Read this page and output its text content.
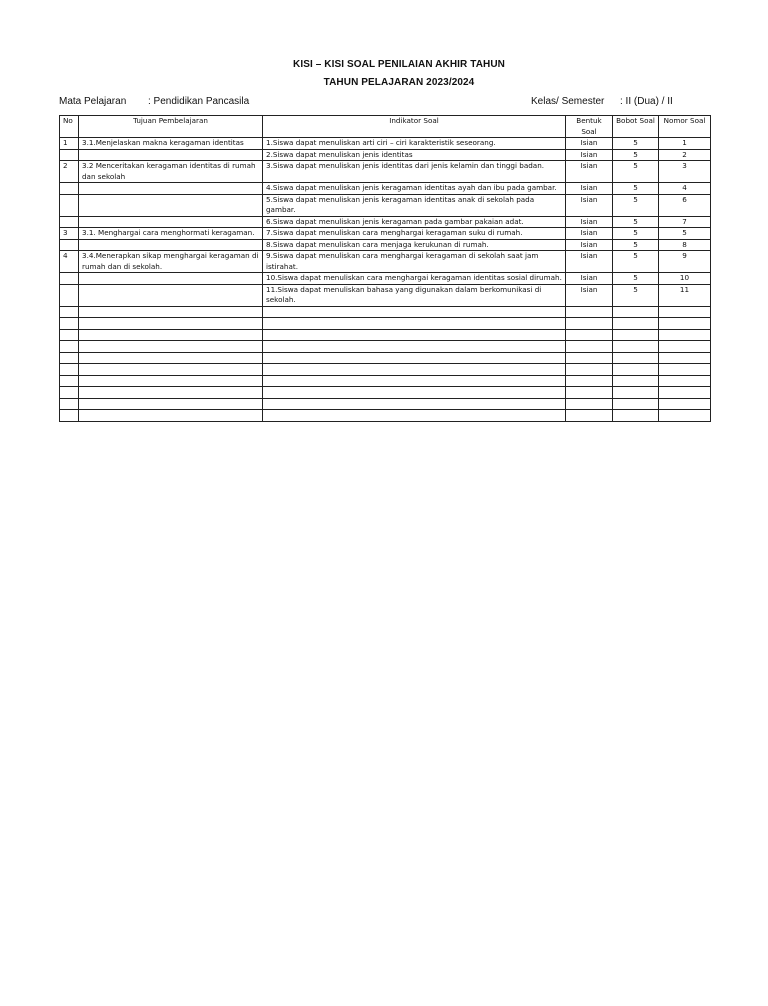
KISI – KISI SOAL PENILAIAN AKHIR TAHUN
TAHUN PELAJARAN 2023/2024
Mata Pelajaran : Pendidikan Pancasila	Kelas/ Semester : II (Dua) / II
No	Tujuan Pembelajaran	Indikator Soal	Bentuk Soal	Bobot Soal	Nomor Soal
1	3.1.Menjelaskan makna keragaman identitas	1.Siswa dapat menuliskan arti ciri – ciri karakteristik seseorang.	Isian	5	1
		2.Siswa dapat menuliskan jenis identitas	Isian	5	2
2	3.2 Menceritakan keragaman identitas di rumah dan sekolah	3.Siswa dapat menuliskan jenis identitas dari jenis kelamin dan tinggi badan.	Isian	5	3
		4.Siswa dapat menuliskan jenis keragaman identitas ayah dan ibu pada gambar.	Isian	5	4
		5.Siswa dapat menuliskan jenis keragaman identitas anak di sekolah pada gambar.	Isian	5	6
		6.Siswa dapat menuliskan jenis keragaman pada gambar pakaian adat.	Isian	5	7
3	3.1. Menghargai cara menghormati keragaman.	7.Siswa dapat menuliskan cara menghargai keragaman suku di rumah.	Isian	5	5
		8.Siswa dapat menuliskan cara menjaga kerukunan di rumah.	Isian	5	8
4	3.4.Menerapkan sikap menghargai keragaman di rumah dan di sekolah.	9.Siswa dapat menuliskan cara menghargai keragaman di sekolah saat jam istirahat.	Isian	5	9
		10.Siswa dapat menuliskan cara menghargai keragaman identitas sosial dirumah.	Isian	5	10
		11.Siswa dapat menuliskan bahasa yang digunakan dalam berkomunikasi di sekolah.	Isian	5	11
